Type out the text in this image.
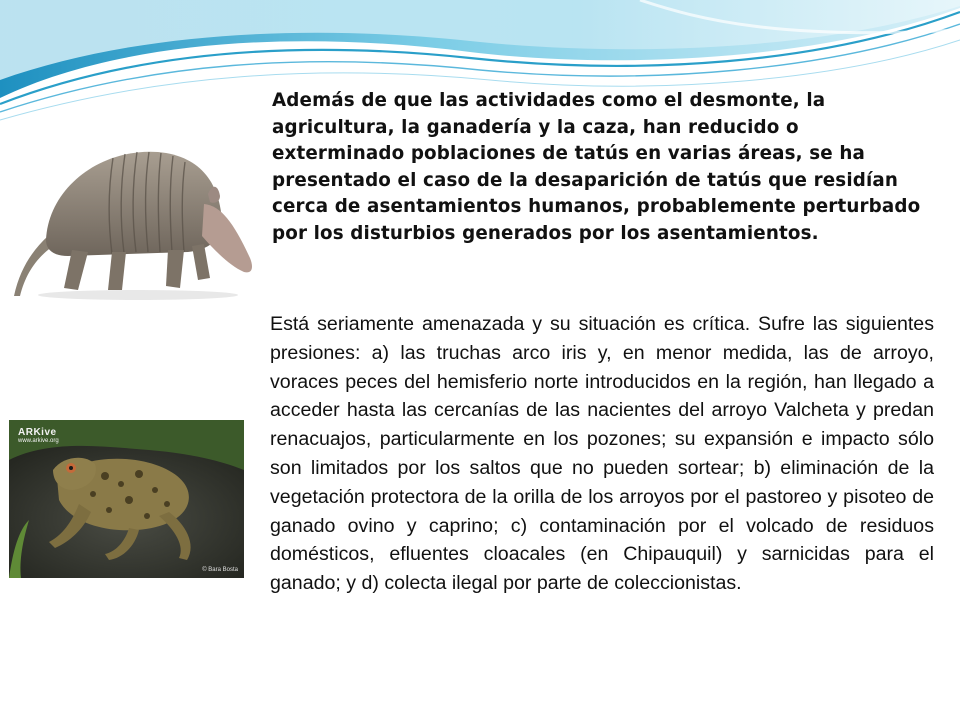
Además de que las actividades como el desmonte, la agricultura, la ganadería y la caza, han reducido o exterminado poblaciones de tatús en varias áreas, se ha presentado el caso de la desaparición de tatús que residían cerca de asentamientos humanos, probablemente perturbado por los disturbios generados por los asentamientos.
Está seriamente amenazada y su situación es crítica. Sufre las siguientes presiones: a) las truchas arco iris y, en menor medida, las de arroyo, voraces peces del hemisferio norte introducidos en la región, han llegado a acceder hasta las cercanías de las nacientes del arroyo Valcheta y predan renacuajos, particularmente en los pozones; su expansión e impacto sólo son limitados por los saltos que no pueden sortear; b) eliminación de la vegetación protectora de la orilla de los arroyos por el pastoreo y pisoteo de ganado ovino y caprino; c) contaminación por el volcado de residuos domésticos, efluentes cloacales (en Chipauquil) y sarnicidas para el ganado; y d) colecta ilegal por parte de coleccionistas.
ARKive
www.arkive.org
© Bara Bosta
